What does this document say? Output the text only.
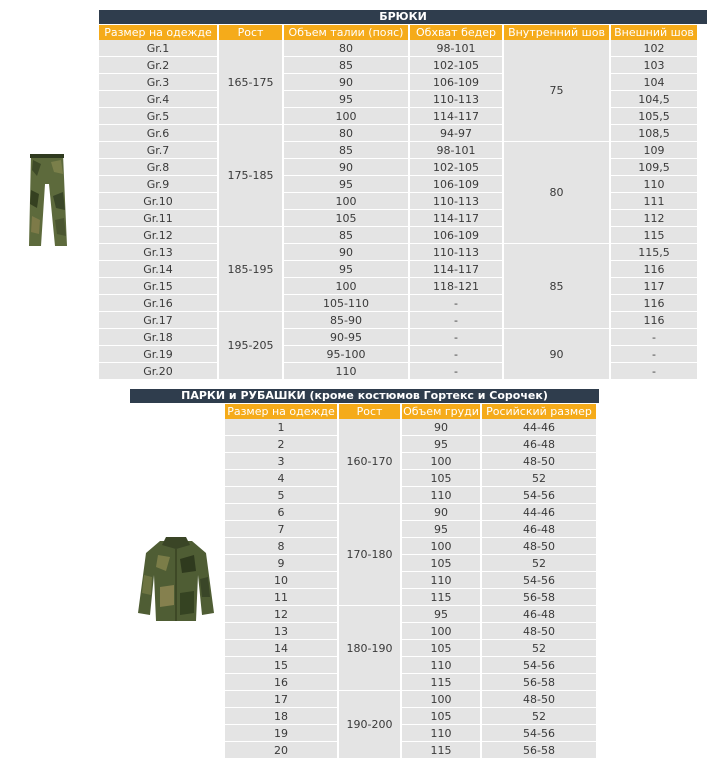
БРЮКИ
Размер на одежде	Рост	Объем талии (пояс)	Обхват бедер	Внутренний шов	Внешний шов
Gr.1	165-175	80	98-101	75	102
Gr.2		85	102-105		103
Gr.3		90	106-109		104
Gr.4		95	110-113		104,5
Gr.5		100	114-117		105,5
Gr.6	175-185	80	94-97		108,5
Gr.7		85	98-101	80	109
Gr.8		90	102-105		109,5
Gr.9		95	106-109		110
Gr.10		100	110-113		111
Gr.11		105	114-117		112
Gr.12	185-195	85	106-109		115
Gr.13		90	110-113	85	115,5
Gr.14		95	114-117		116
Gr.15		100	118-121		117
Gr.16		105-110	-		116
Gr.17	195-205	85-90	-		116
Gr.18		90-95	-	90	-
Gr.19		95-100	-		-
Gr.20		110	-		-
ПАРКИ и РУБАШКИ (кроме костюмов Гортекс и Сорочек)
Размер на одежде	Рост	Объем груди	Росийский размер
1	160-170	90	44-46
2		95	46-48
3		100	48-50
4		105	52
5		110	54-56
6	170-180	90	44-46
7		95	46-48
8		100	48-50
9		105	52
10		110	54-56
11		115	56-58
12	180-190	95	46-48
13		100	48-50
14		105	52
15		110	54-56
16		115	56-58
17	190-200	100	48-50
18		105	52
19		110	54-56
20		115	56-58
